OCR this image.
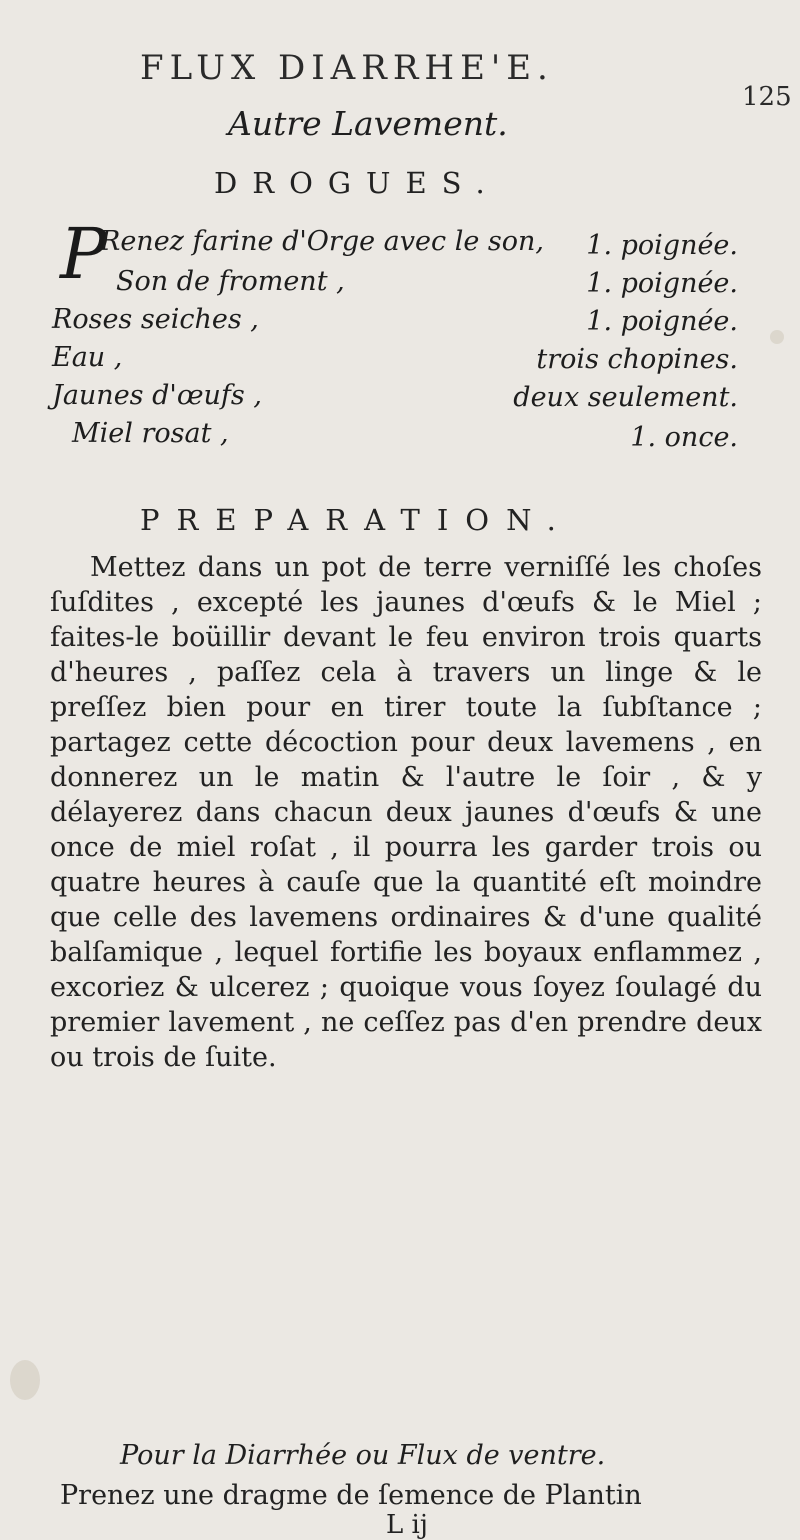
FLUX DIARRHE'E.
125
Autre Lavement.
DROGUES.
P
Renez farine d'Orge avec le son,	1. poignée.
Son de froment ,	1. poignée.
Roses seiches ,	1. poignée.
Eau ,	trois chopines.
Jaunes d'œufs ,	deux seulement.
Miel rosat ,	1. once.
PREPARATION.
Mettez dans un pot de terre verniſſé les choſes ſuſdites , excepté les jaunes d'œufs & le Miel ; faites-le boüillir devant le feu environ trois quarts d'heures , paſſez cela à travers un linge & le preſſez bien pour en tirer toute la ſubſtance ; partagez cette décoction pour deux lavemens , en donnerez un le matin & l'autre le ſoir , & y délayerez dans chacun deux jaunes d'œufs & une once de miel roſat , il pourra les garder trois ou quatre heures à cauſe que la quantité eſt moindre que celle des lavemens ordinaires & d'une qualité balſamique , lequel fortifie les boyaux enflammez , excoriez & ulcerez ; quoique vous ſoyez ſoulagé du premier lavement , ne ceſſez pas d'en prendre deux ou trois de ſuite.
Pour la Diarrhée ou Flux de ventre.
Prenez une dragme de ſemence de Plantin
L ij
